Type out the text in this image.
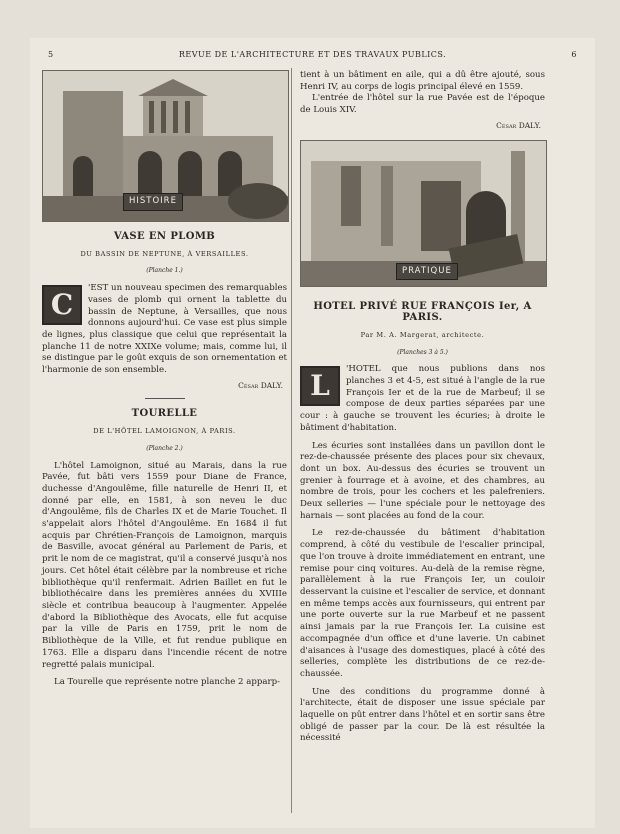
5	REVUE DE L'ARCHITECTURE ET DES TRAVAUX PUBLICS.	6
HISTOIRE
VASE EN PLOMB
DU BASSIN DE NEPTUNE, À VERSAILLES.
(Planche 1.)
C
'EST un nouveau specimen des remarquables vases de plomb qui ornent la tablette du bassin de Neptune, à Versailles, que nous donnons aujourd'hui. Ce vase est plus simple de lignes, plus classique que celui que représentait la planche 11 de notre XXIXe volume; mais, comme lui, il se distingue par le goût exquis de son ornementation et l'harmonie de son ensemble.
César DALY.
TOURELLE
DE L'HÔTEL LAMOIGNON, À PARIS.
(Planche 2.)
L'hôtel Lamoignon, situé au Marais, dans la rue Pavée, fut bâti vers 1559 pour Diane de France, duchesse d'Angoulême, fille naturelle de Henri II, et donné par elle, en 1581, à son neveu le duc d'Angoulême, fils de Charles IX et de Marie Touchet. Il s'appelait alors l'hôtel d'Angoulême. En 1684 il fut acquis par Chrétien-François de Lamoignon, marquis de Basville, avocat général au Parlement de Paris, et prit le nom de ce magistrat, qu'il a conservé jusqu'à nos jours. Cet hôtel était célèbre par la nombreuse et riche bibliothèque qu'il renfermait. Adrien Baillet en fut le bibliothécaire dans les premières années du XVIIIe siècle et contribua beaucoup à l'augmenter. Appelée d'abord la Bibliothèque des Avocats, elle fut acquise par la ville de Paris en 1759, prit le nom de Bibliothèque de la Ville, et fut rendue publique en 1763. Elle a disparu dans l'incendie récent de notre regretté palais municipal.
La Tourelle que représente notre planche 2 apparp-
tient à un bâtiment en aile, qui a dû être ajouté, sous Henri IV, au corps de logis principal élevé en 1559.
L'entrée de l'hôtel sur la rue Pavée est de l'époque de Louis XIV.
César DALY.
PRATIQUE
HOTEL PRIVÉ RUE FRANÇOIS Ier, A PARIS.
Par M. A. Margerat, architecte.
(Planches 3 à 5.)
L
'HOTEL que nous publions dans nos planches 3 et 4-5, est situé à l'angle de la rue François Ier et de la rue de Marbeuf; il se compose de deux parties séparées par une cour : à gauche se trouvent les écuries; à droite le bâtiment d'habitation.
Les écuries sont installées dans un pavillon dont le rez-de-chaussée présente des places pour six chevaux, dont un box. Au-dessus des écuries se trouvent un grenier à fourrage et à avoine, et des chambres, au nombre de trois, pour les cochers et les palefreniers. Deux selleries — l'une spéciale pour le nettoyage des harnais — sont placées au fond de la cour.
Le rez-de-chaussée du bâtiment d'habitation comprend, à côté du vestibule de l'escalier principal, que l'on trouve à droite immédiatement en entrant, une remise pour cinq voitures. Au-delà de la remise règne, parallèlement à la rue François Ier, un couloir desservant la cuisine et l'escalier de service, et donnant en même temps accès aux fournisseurs, qui entrent par une porte ouverte sur la rue Marbeuf et ne passent ainsi jamais par la rue François Ier. La cuisine est accompagnée d'un office et d'une laverie. Un cabinet d'aisances à l'usage des domestiques, placé à côté des selleries, complète les distributions de ce rez-de-chaussée.
Une des conditions du programme donné à l'architecte, était de disposer une issue spéciale par laquelle on pût entrer dans l'hôtel et en sortir sans être obligé de passer par la cour. De là est résultée la nécessité
